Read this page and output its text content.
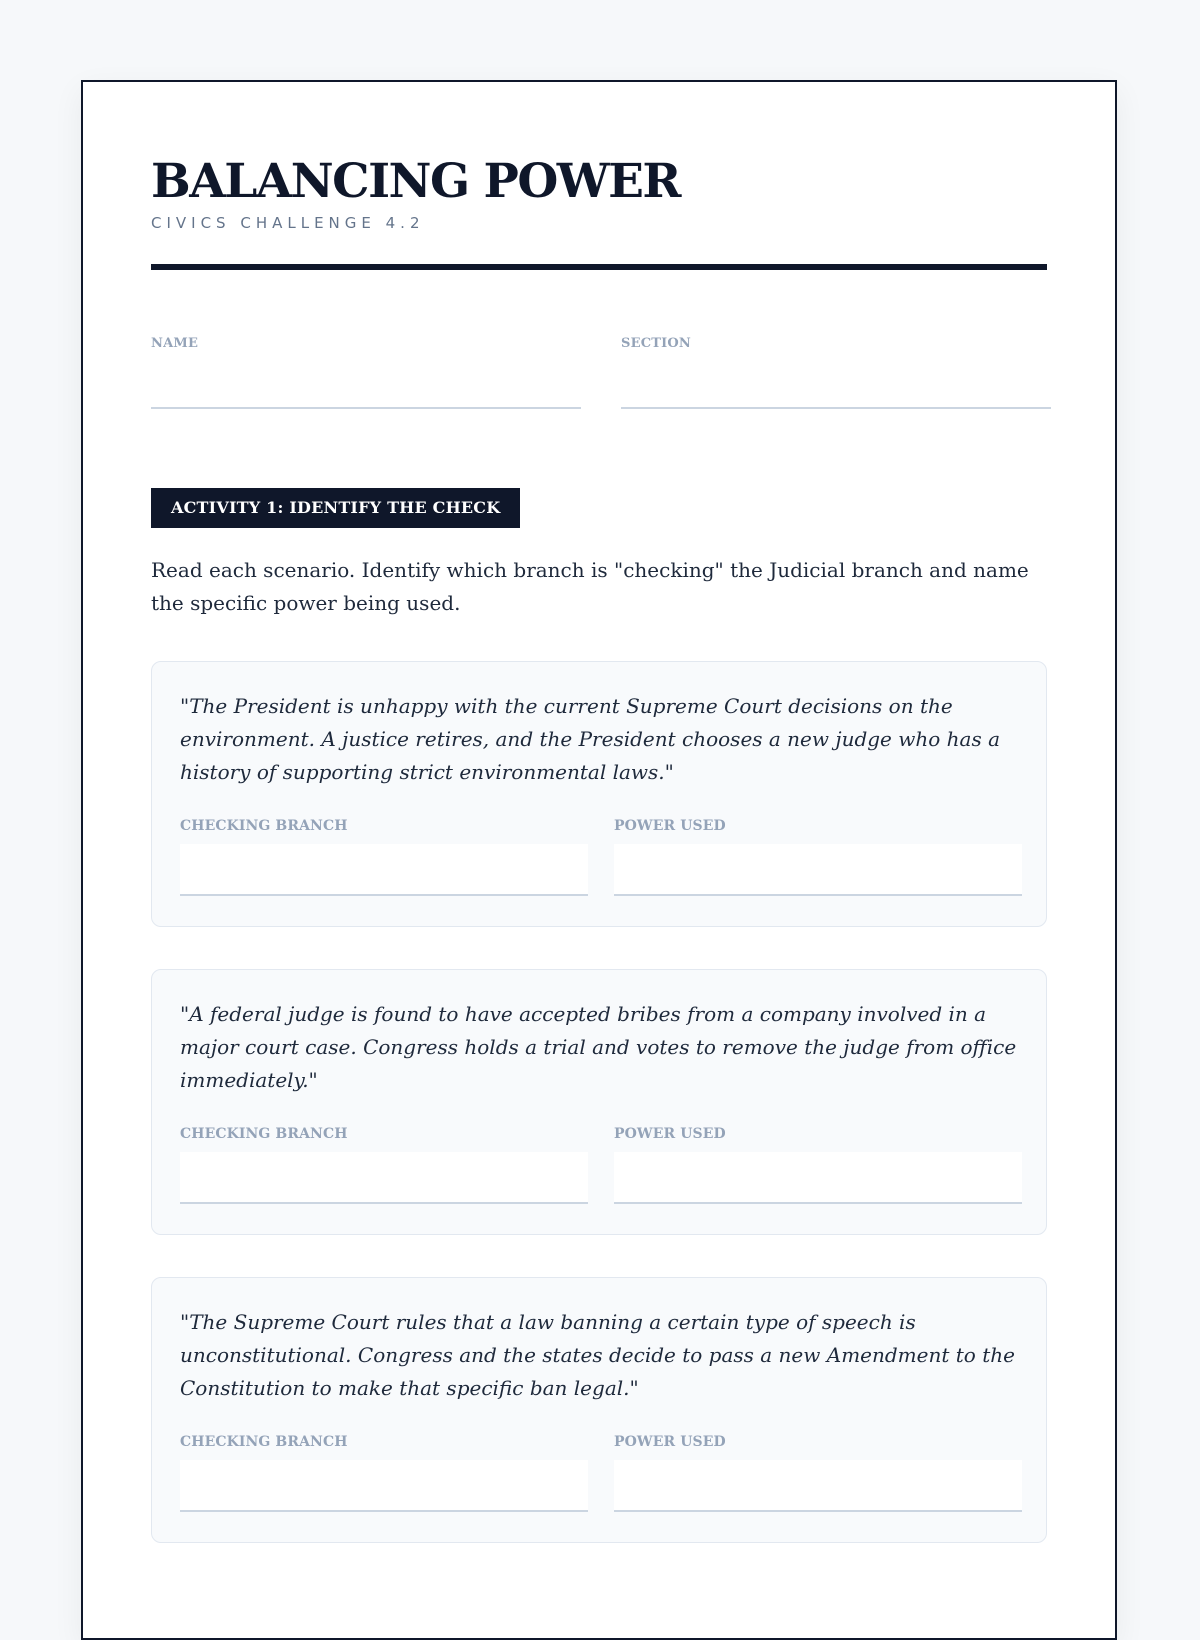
BALANCING POWER
CIVICS CHALLENGE 4.2
NAME	SECTION
ACTIVITY 1: IDENTIFY THE CHECK

Read each scenario. Identify which branch is "checking" the Judicial branch and name the specific power being used.

"The President is unhappy with the current Supreme Court decisions on the environment. A justice retires, and the President chooses a new judge who has a history of supporting strict environmental laws."

CHECKING BRANCH	POWER USED

"A federal judge is found to have accepted bribes from a company involved in a major court case. Congress holds a trial and votes to remove the judge from office immediately."

CHECKING BRANCH	POWER USED

"The Supreme Court rules that a law banning a certain type of speech is unconstitutional. Congress and the states decide to pass a new Amendment to the Constitution to make that specific ban legal."

CHECKING BRANCH	POWER USED
